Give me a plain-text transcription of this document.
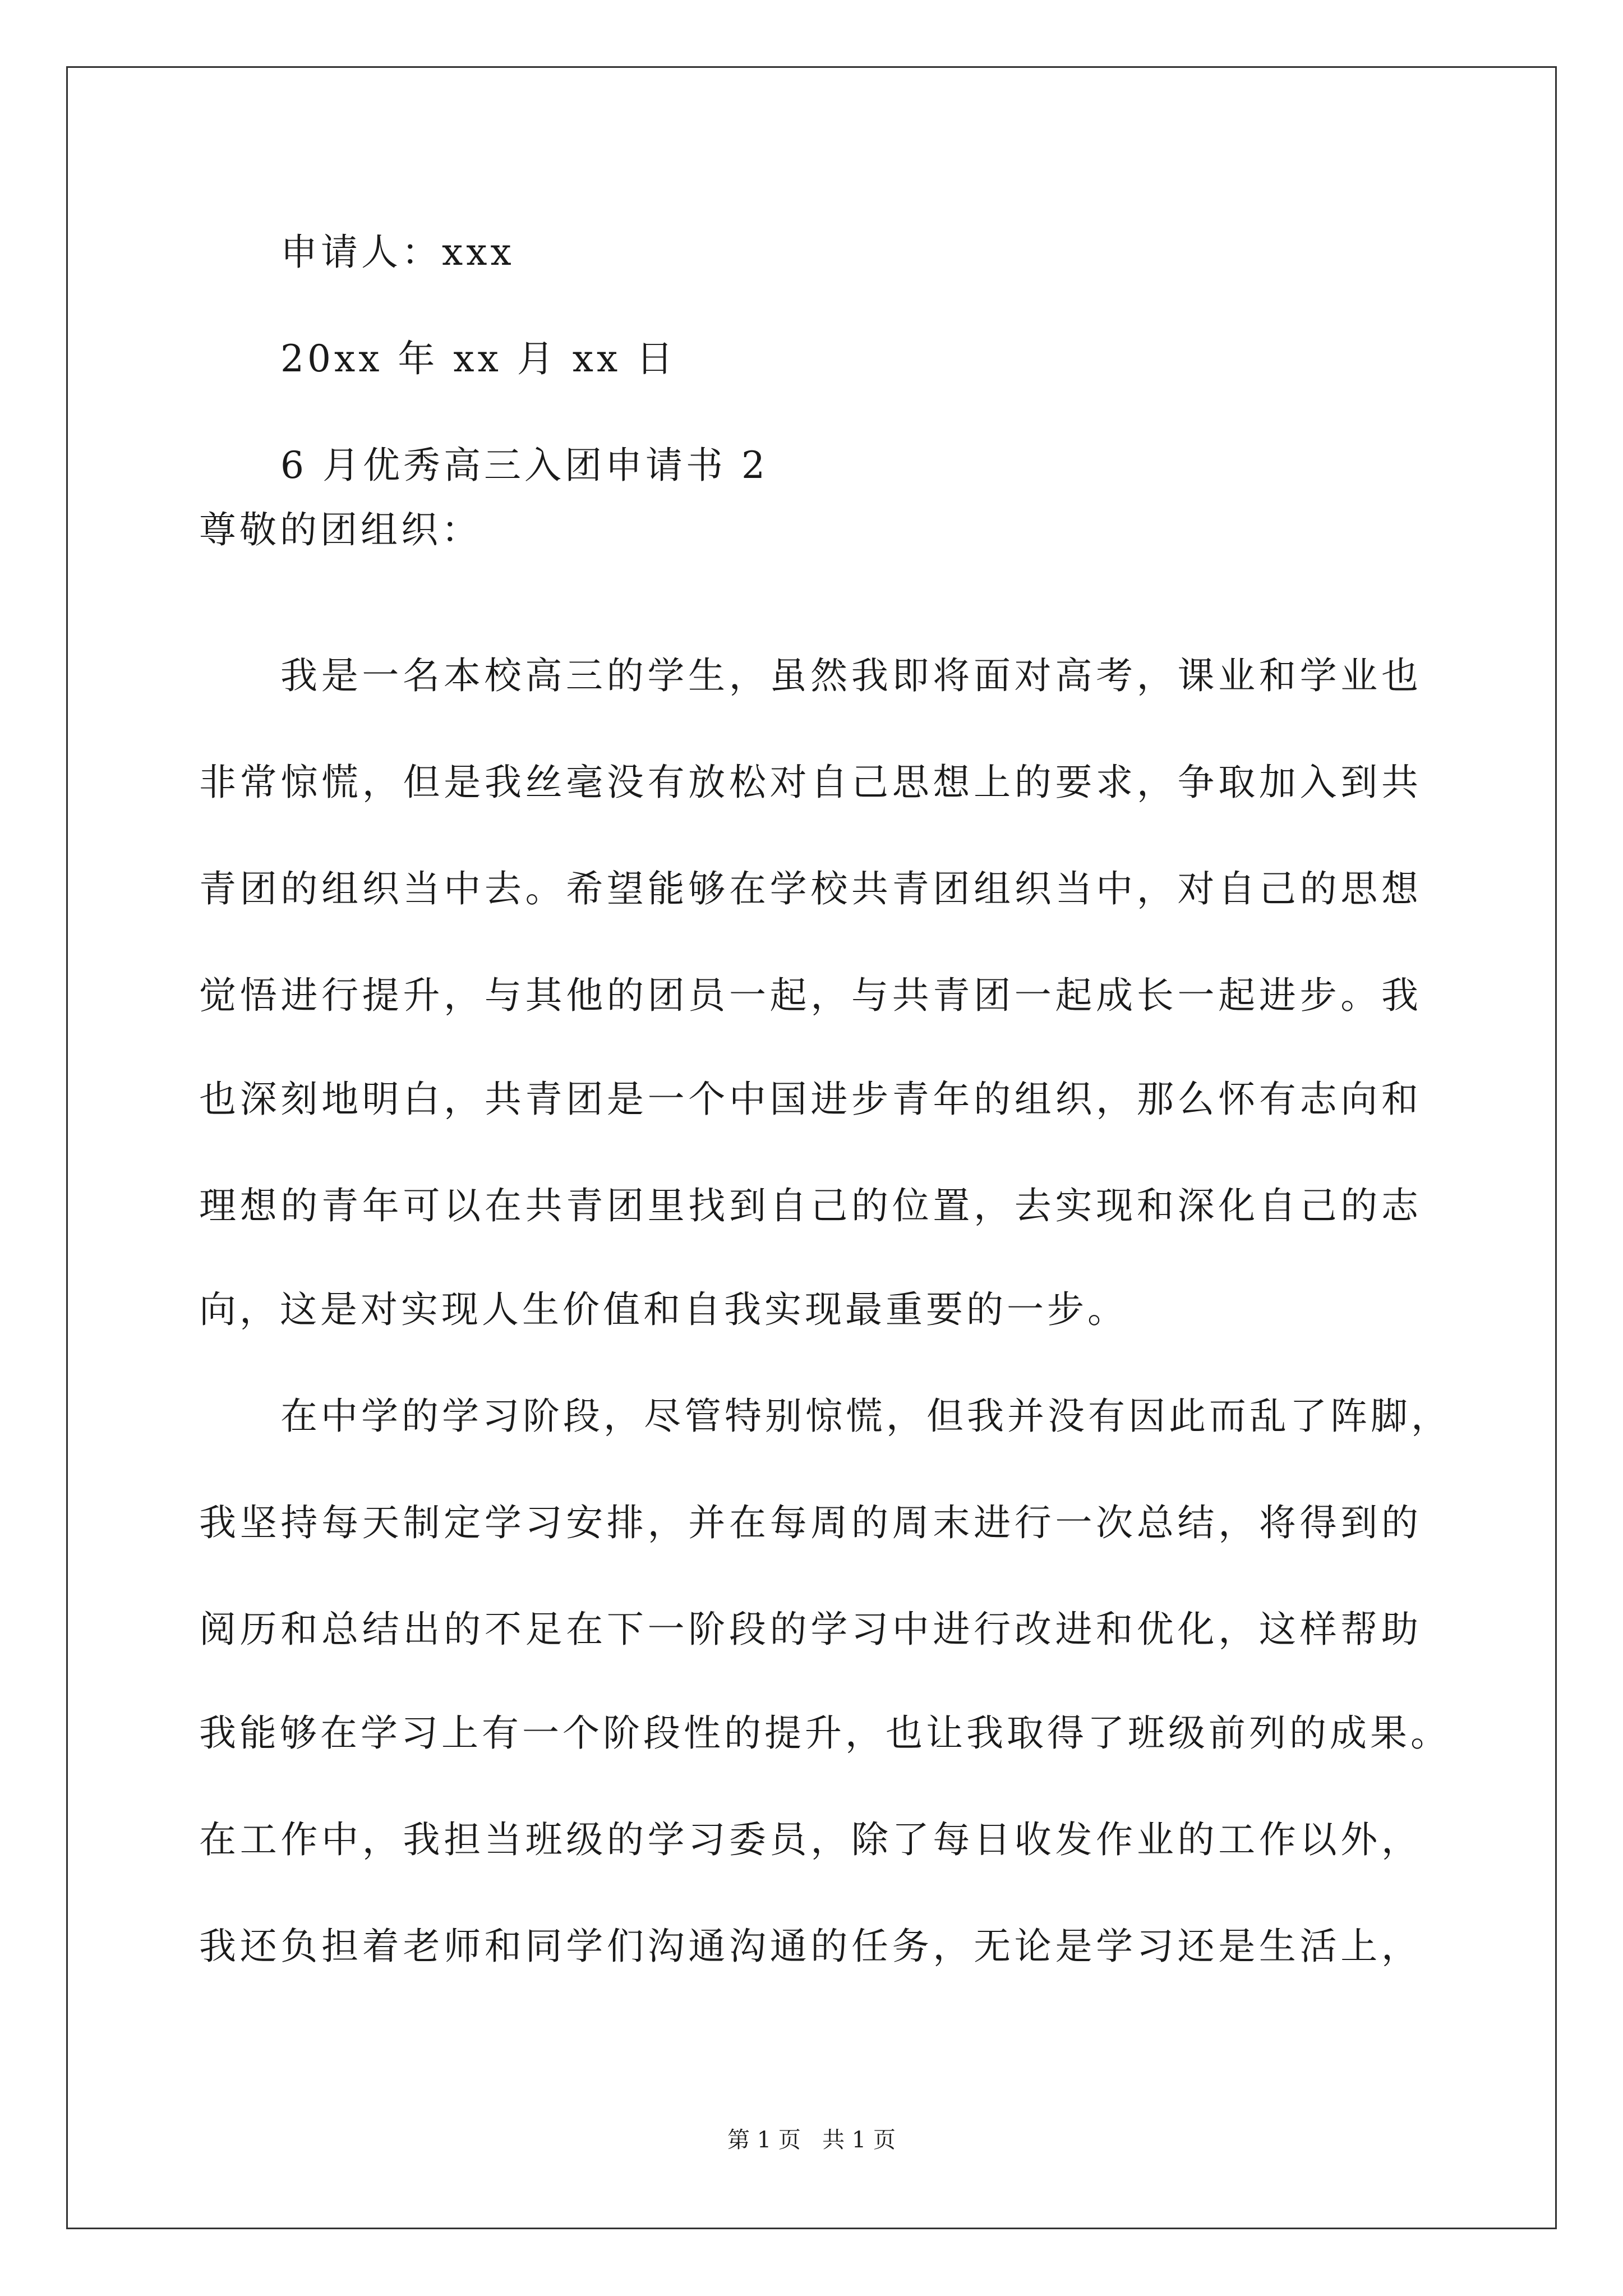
申请人：xxx
20xx 年 xx 月 xx 日
6 月优秀高三入团申请书 2
尊敬的团组织：
我是一名本校高三的学生，虽然我即将面对高考，课业和学业也
非常惊慌，但是我丝毫没有放松对自己思想上的要求，争取加入到共
青团的组织当中去。希望能够在学校共青团组织当中，对自己的思想
觉悟进行提升，与其他的团员一起，与共青团一起成长一起进步。我
也深刻地明白，共青团是一个中国进步青年的组织，那么怀有志向和
理想的青年可以在共青团里找到自己的位置，去实现和深化自己的志
向，这是对实现人生价值和自我实现最重要的一步。
在中学的学习阶段，尽管特别惊慌，但我并没有因此而乱了阵脚，
我坚持每天制定学习安排，并在每周的周末进行一次总结，将得到的
阅历和总结出的不足在下一阶段的学习中进行改进和优化，这样帮助
我能够在学习上有一个阶段性的提升，也让我取得了班级前列的成果。
在工作中，我担当班级的学习委员，除了每日收发作业的工作以外，
我还负担着老师和同学们沟通沟通的任务，无论是学习还是生活上，
第 1 页   共 1 页
